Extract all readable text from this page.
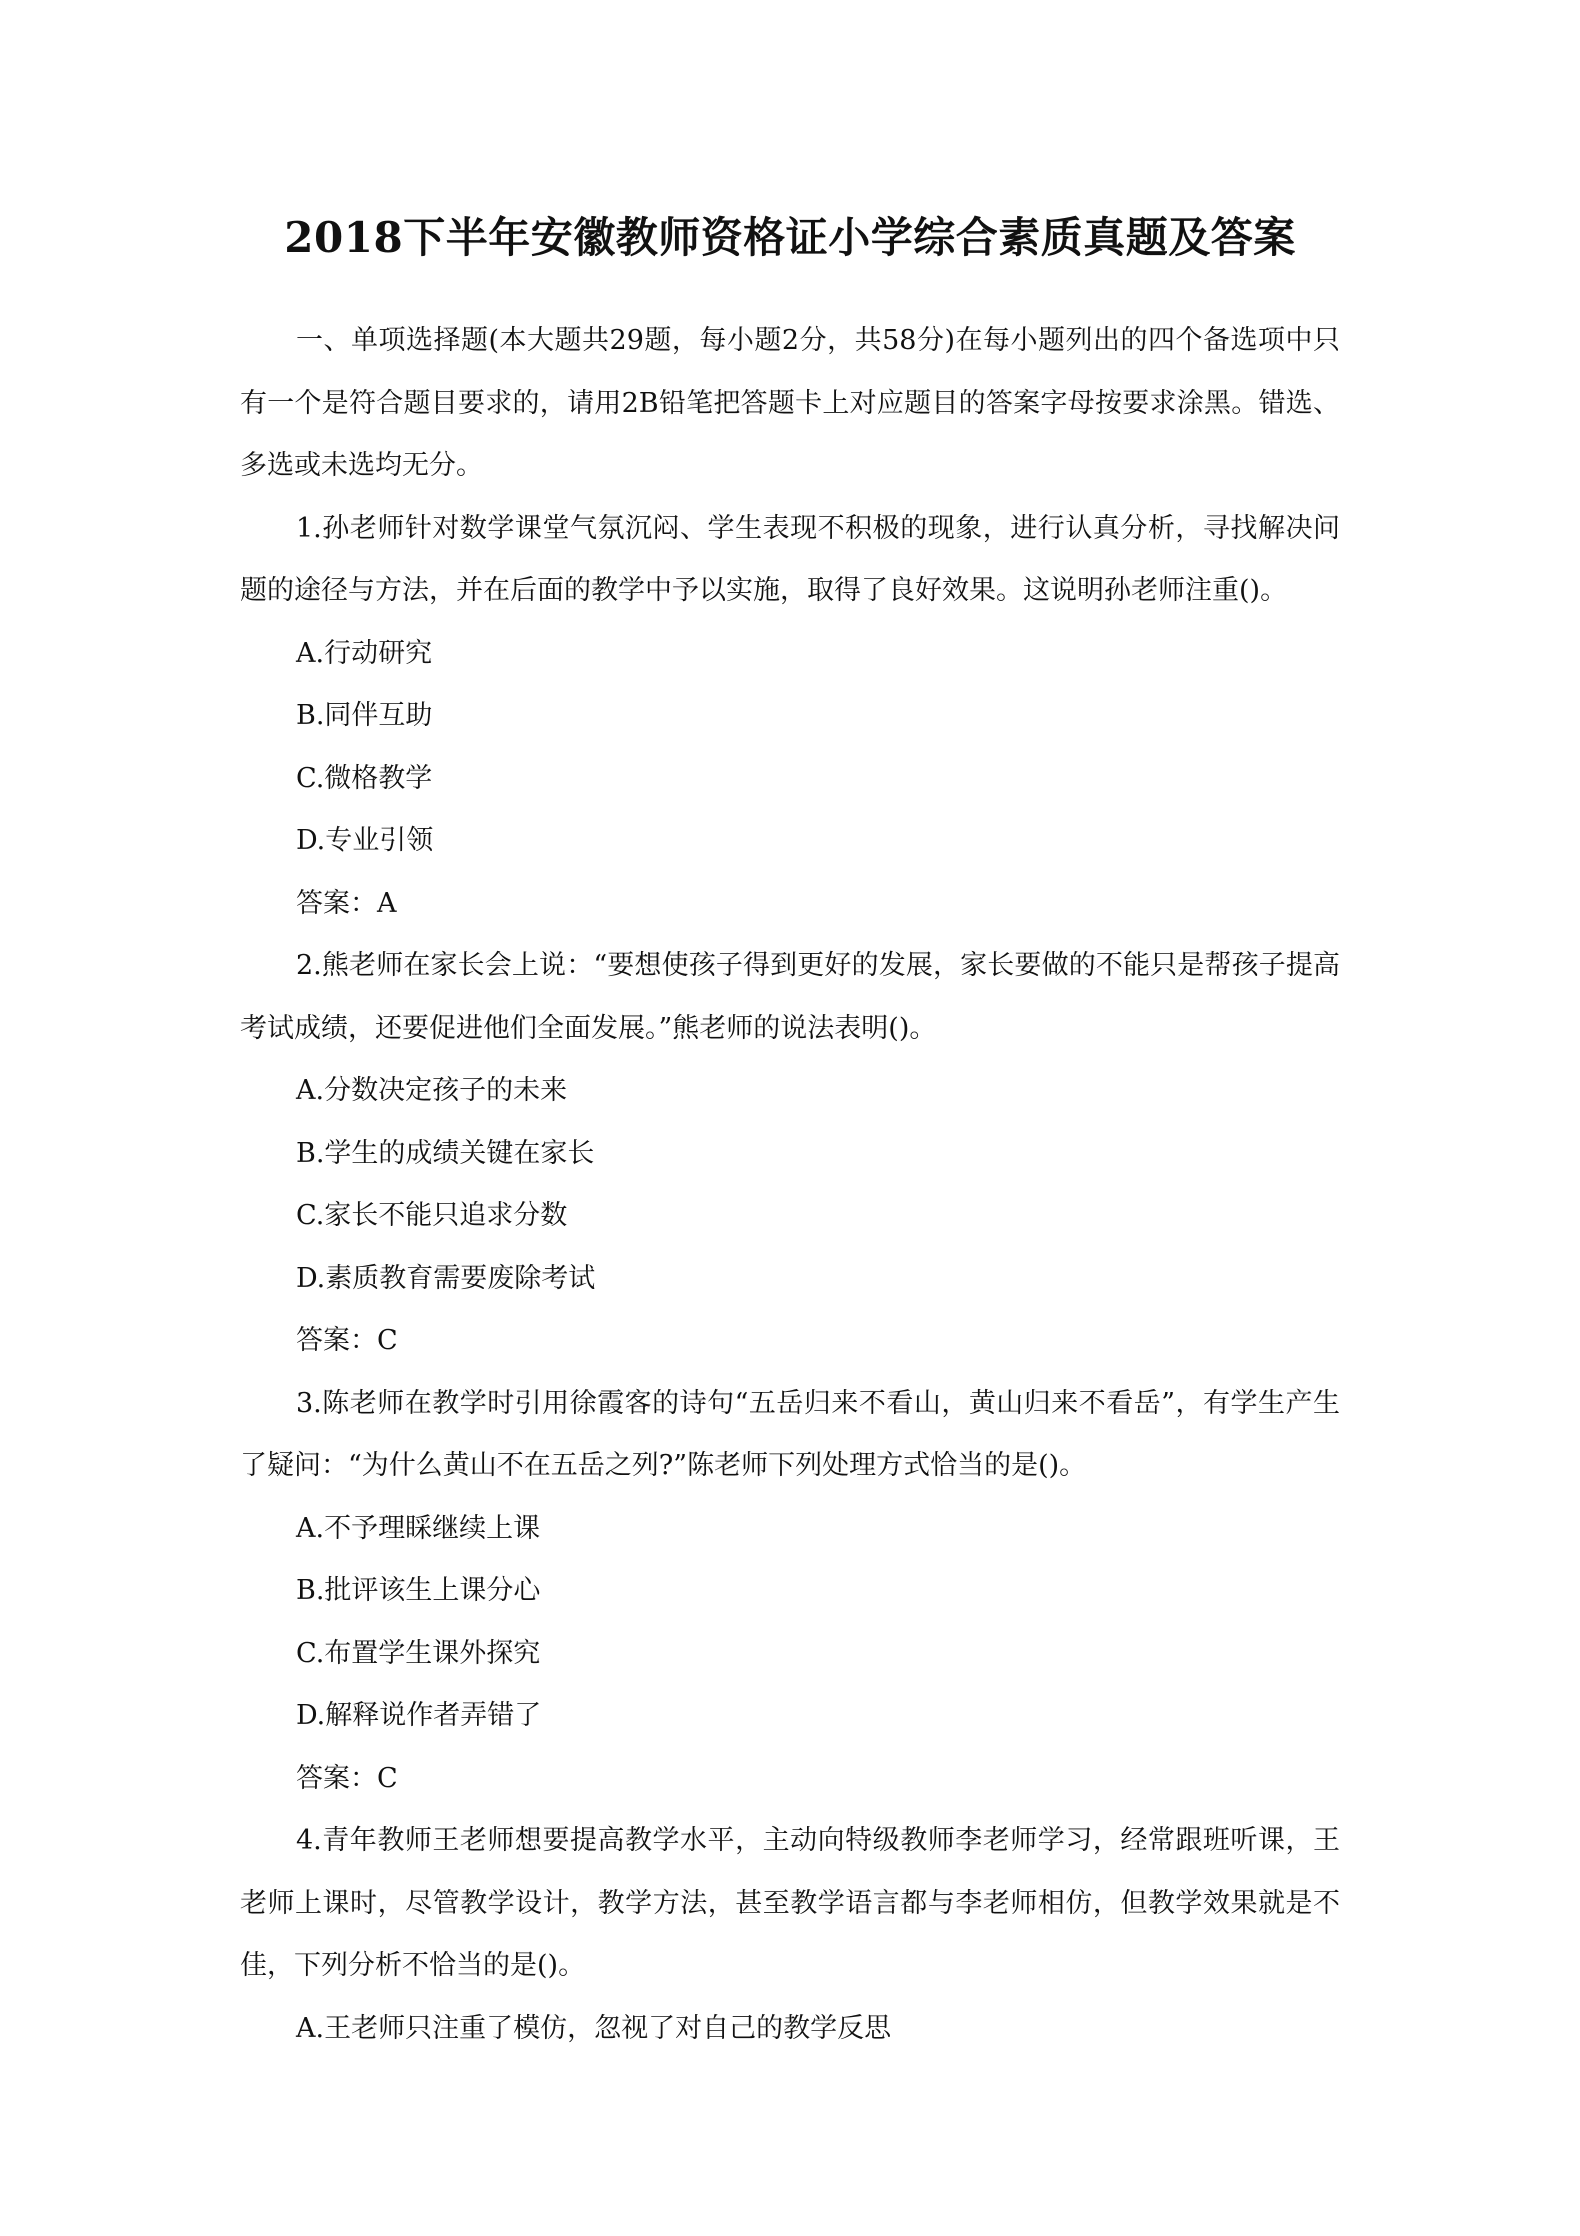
2018下半年安徽教师资格证小学综合素质真题及答案

一、单项选择题(本大题共29题，每小题2分，共58分)在每小题列出的四个备选项中只有一个是符合题目要求的，请用2B铅笔把答题卡上对应题目的答案字母按要求涂黑。错选、多选或未选均无分。

1.孙老师针对数学课堂气氛沉闷、学生表现不积极的现象，进行认真分析，寻找解决问题的途径与方法，并在后面的教学中予以实施，取得了良好效果。这说明孙老师注重()。

A.行动研究

B.同伴互助

C.微格教学

D.专业引领

答案：A

2.熊老师在家长会上说：“要想使孩子得到更好的发展，家长要做的不能只是帮孩子提高考试成绩，还要促进他们全面发展。”熊老师的说法表明()。

A.分数决定孩子的未来

B.学生的成绩关键在家长

C.家长不能只追求分数

D.素质教育需要废除考试

答案：C

3.陈老师在教学时引用徐霞客的诗句“五岳归来不看山，黄山归来不看岳”，有学生产生了疑问：“为什么黄山不在五岳之列?”陈老师下列处理方式恰当的是()。

A.不予理睬继续上课

B.批评该生上课分心

C.布置学生课外探究

D.解释说作者弄错了

答案：C

4.青年教师王老师想要提高教学水平，主动向特级教师李老师学习，经常跟班听课，王老师上课时，尽管教学设计，教学方法，甚至教学语言都与李老师相仿，但教学效果就是不佳，下列分析不恰当的是()。

A.王老师只注重了模仿，忽视了对自己的教学反思
